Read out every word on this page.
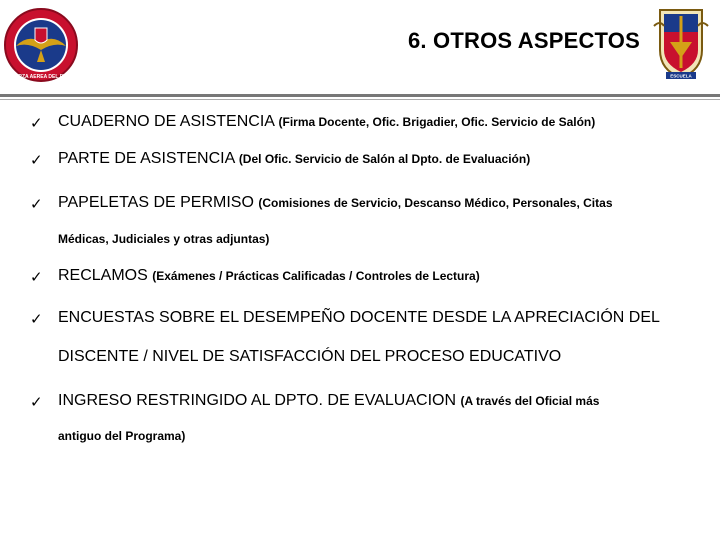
FUERZA AEREA DEL PERU
6. OTROS ASPECTOS
ESCUELA
✓ CUADERNO DE ASISTENCIA (Firma Docente, Ofic. Brigadier, Ofic. Servicio de Salón)
✓ PARTE DE ASISTENCIA (Del Ofic. Servicio de Salón al Dpto. de Evaluación)
✓ PAPELETAS DE PERMISO (Comisiones de Servicio, Descanso Médico, Personales, Citas
Médicas, Judiciales y otras adjuntas)
✓ RECLAMOS (Exámenes / Prácticas Calificadas / Controles de Lectura)
✓ ENCUESTAS SOBRE EL DESEMPEÑO DOCENTE DESDE LA APRECIACIÓN DEL
DISCENTE / NIVEL DE SATISFACCIÓN DEL PROCESO EDUCATIVO
✓ INGRESO RESTRINGIDO AL DPTO. DE EVALUACION (A través del Oficial más
antiguo del Programa)
